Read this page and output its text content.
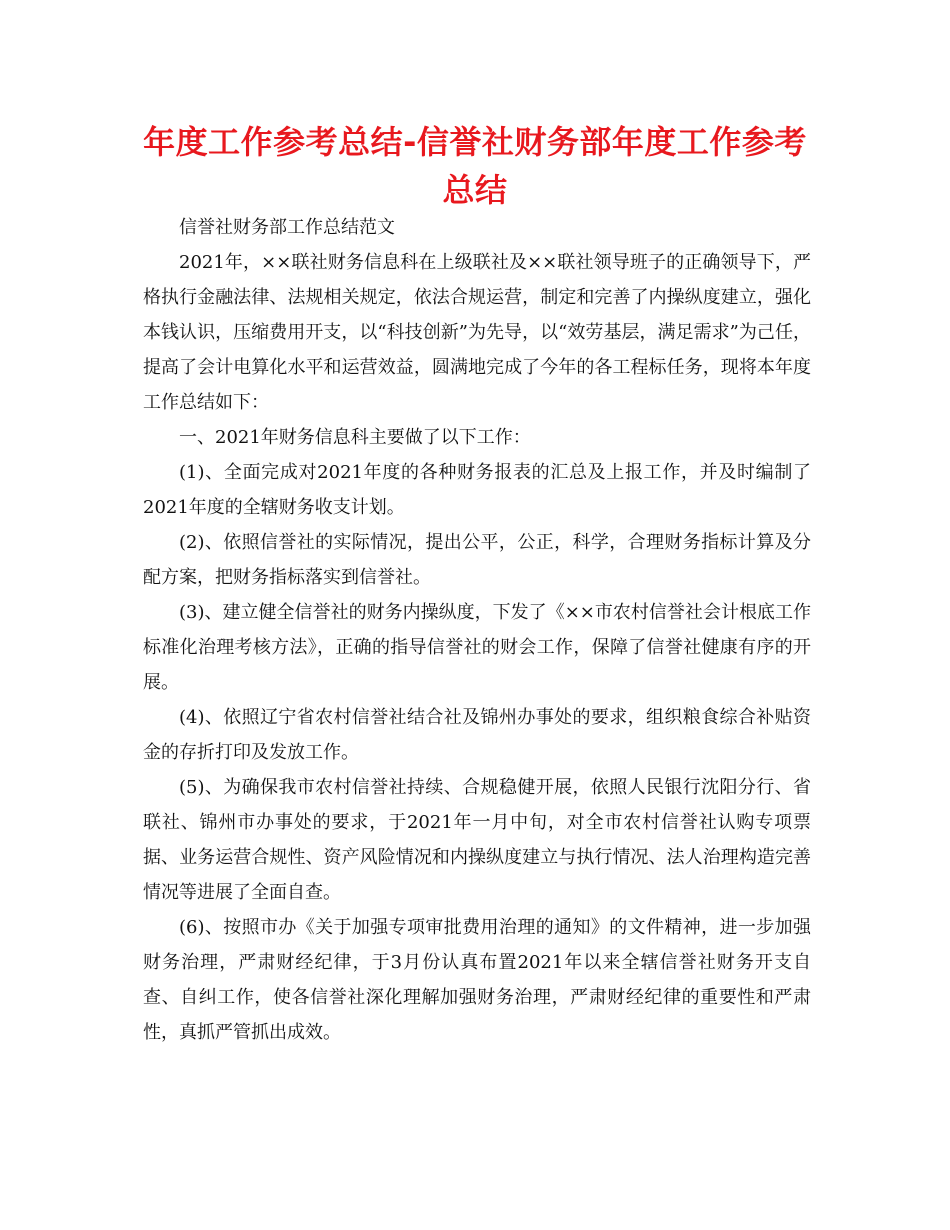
年度工作参考总结-信誉社财务部年度工作参考总结

信誉社财务部工作总结范文

2021年，××联社财务信息科在上级联社及××联社领导班子的正确领导下，严格执行金融法律、法规相关规定，依法合规运营，制定和完善了内操纵度建立，强化本钱认识，压缩费用开支，以“科技创新”为先导，以“效劳基层，满足需求”为己任，提高了会计电算化水平和运营效益，圆满地完成了今年的各工程标任务，现将本年度工作总结如下：

一、2021年财务信息科主要做了以下工作：

(1)、全面完成对2021年度的各种财务报表的汇总及上报工作，并及时编制了2021年度的全辖财务收支计划。

(2)、依照信誉社的实际情况，提出公平，公正，科学，合理财务指标计算及分配方案，把财务指标落实到信誉社。

(3)、建立健全信誉社的财务内操纵度，下发了《××市农村信誉社会计根底工作标准化治理考核方法》，正确的指导信誉社的财会工作，保障了信誉社健康有序的开展。

(4)、依照辽宁省农村信誉社结合社及锦州办事处的要求，组织粮食综合补贴资金的存折打印及发放工作。

(5)、为确保我市农村信誉社持续、合规稳健开展，依照人民银行沈阳分行、省联社、锦州市办事处的要求，于2021年一月中旬，对全市农村信誉社认购专项票据、业务运营合规性、资产风险情况和内操纵度建立与执行情况、法人治理构造完善情况等进展了全面自查。

(6)、按照市办《关于加强专项审批费用治理的通知》的文件精神，进一步加强财务治理，严肃财经纪律，于3月份认真布置2021年以来全辖信誉社财务开支自查、自纠工作，使各信誉社深化理解加强财务治理，严肃财经纪律的重要性和严肃性，真抓严管抓出成效。
